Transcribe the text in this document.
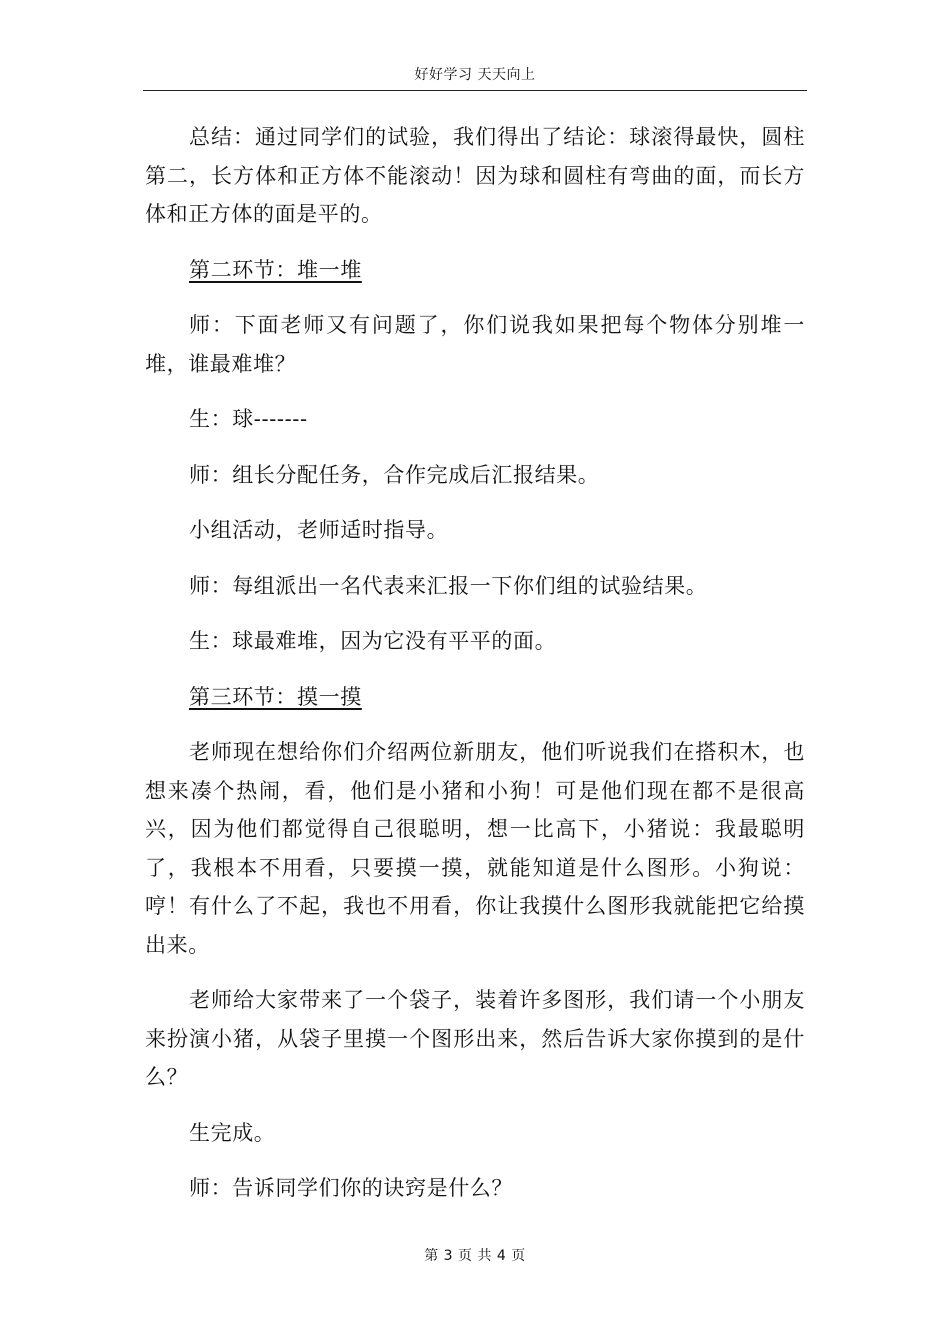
好好学习 天天向上

总结：通过同学们的试验，我们得出了结论：球滚得最快，圆柱第二，长方体和正方体不能滚动！因为球和圆柱有弯曲的面，而长方体和正方体的面是平的。

第二环节：堆一堆

师：下面老师又有问题了，你们说我如果把每个物体分别堆一堆，谁最难堆？

生：球-------

师：组长分配任务，合作完成后汇报结果。

小组活动，老师适时指导。

师：每组派出一名代表来汇报一下你们组的试验结果。

生：球最难堆，因为它没有平平的面。

第三环节：摸一摸

老师现在想给你们介绍两位新朋友，他们听说我们在搭积木，也想来凑个热闹，看，他们是小猪和小狗！可是他们现在都不是很高兴，因为他们都觉得自己很聪明，想一比高下，小猪说：我最聪明了，我根本不用看，只要摸一摸，就能知道是什么图形。小狗说：哼！有什么了不起，我也不用看，你让我摸什么图形我就能把它给摸出来。

老师给大家带来了一个袋子，装着许多图形，我们请一个小朋友来扮演小猪，从袋子里摸一个图形出来，然后告诉大家你摸到的是什么？

生完成。

师：告诉同学们你的诀窍是什么？

第 3 页 共 4 页
